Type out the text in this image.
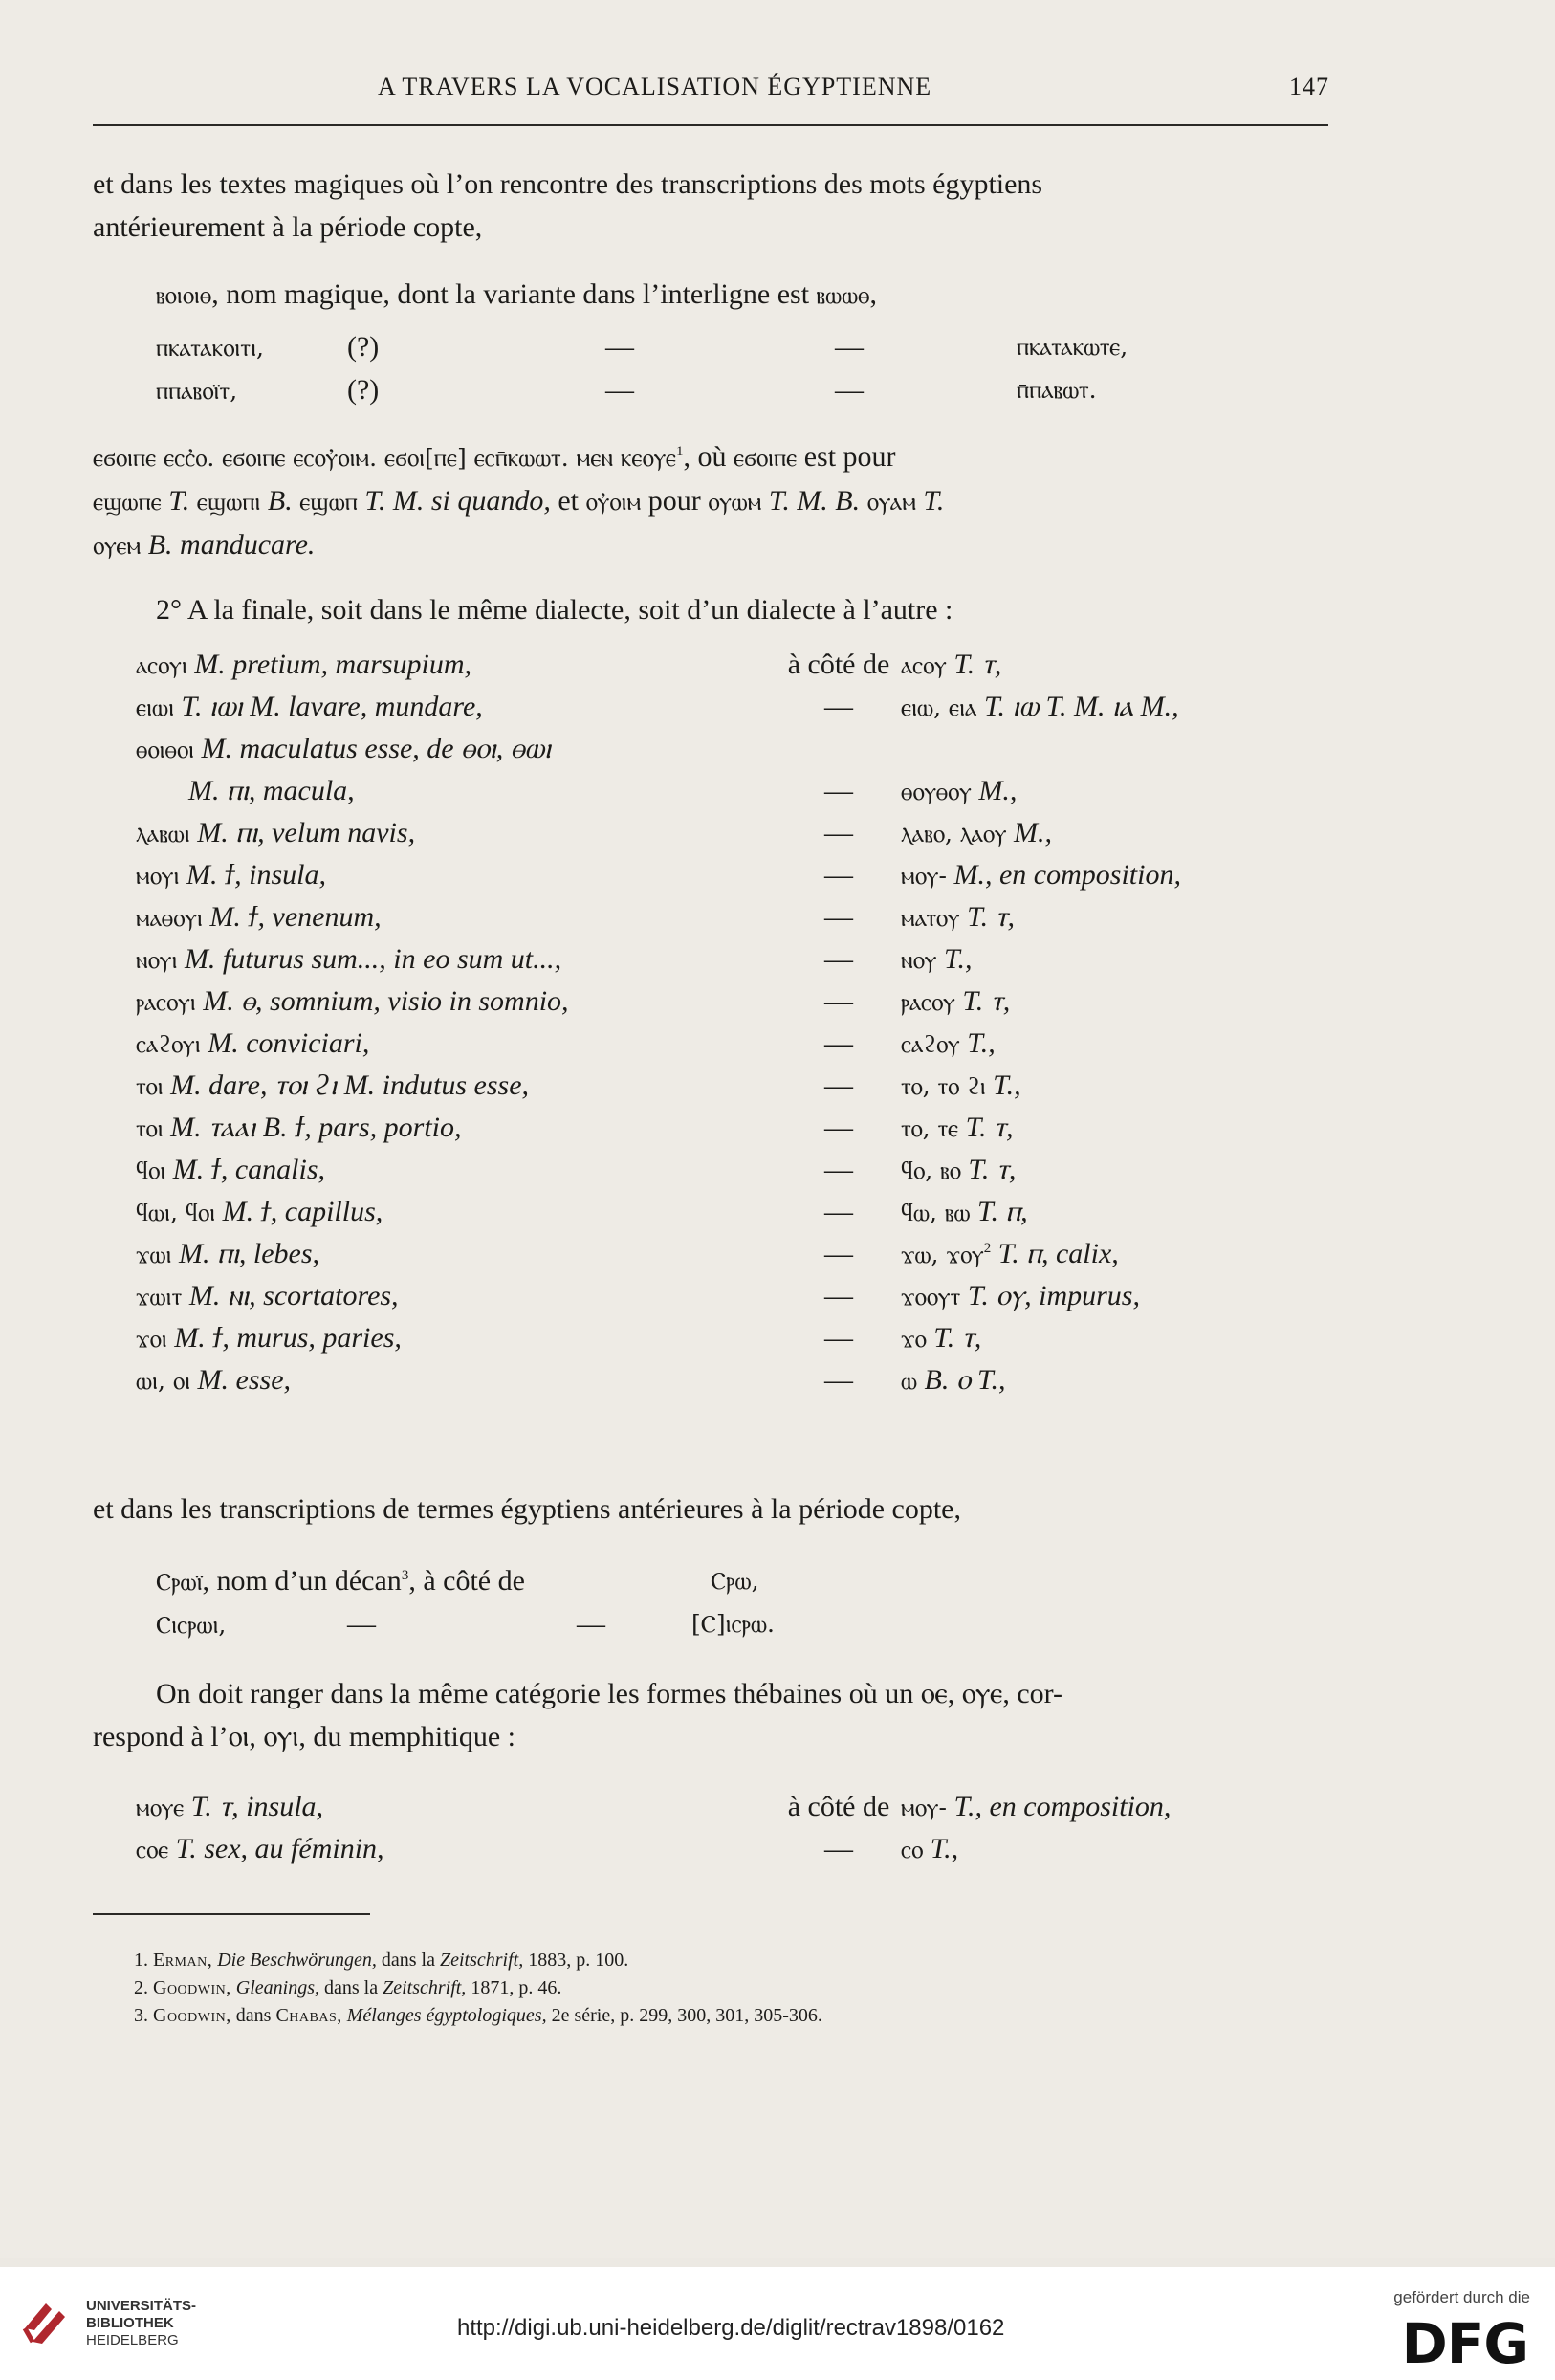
A TRAVERS LA VOCALISATION ÉGYPTIENNE	147
et dans les textes magiques où l’on rencontre des transcriptions des mots égyptiens
antérieurement à la période copte,
ⲃⲟⲓⲟⲓⲑ, nom magique, dont la variante dans l’interligne est ⲃⲱⲱⲑ,
ⲡⲕⲁⲧⲁⲕⲟⲓⲧⲓ,	(?)	—	—	ⲡⲕⲁⲧⲁⲕⲱⲧⲉ,
ⲡ̄ⲡⲁⲃⲟⲓ̈ⲧ,	(?)	—	—	ⲡ̄ⲡⲁⲃⲱⲧ.
ⲉϭⲟⲓⲡⲉ ⲉⲥⲥ̓ⲟ. ⲉϭⲟⲓⲡⲉ ⲉⲥⲟⲩ̓ⲟⲓⲙ. ⲉϭⲟⲓ[ⲡⲉ] ⲉⲥⲡ̄ⲕⲱⲱⲧ. ⲙⲉⲛ ⲕⲉⲟⲩⲉ$^1$, où ⲉϭⲟⲓⲡⲉ est pour
ⲉϣⲱⲡⲉ T. ⲉϣⲱⲡⲓ B. ⲉϣⲱⲡ T. M. si quando, et ⲟⲩ̓ⲟⲓⲙ pour ⲟⲩⲱⲙ T. M. B. ⲟⲩⲁⲙ T.
ⲟⲩⲉⲙ B. manducare.
2° A la finale, soit dans le même dialecte, soit d’un dialecte à l’autre :
ⲁⲥⲟⲩⲓ M. pretium, marsupium,	à côté de ⲁⲥⲟⲩ T. ⲧ,
ⲉⲓⲱⲓ T. ⲓⲱⲓ M. lavare, mundare,	—	ⲉⲓⲱ, ⲉⲓⲁ T. ⲓⲱ T. M. ⲓⲁ M.,
ⲑⲟⲓⲑⲟⲓ M. maculatus esse, de ⲑⲟⲓ, ⲑⲱⲓ
M. ⲡⲓ, macula,	—	ⲑⲟⲩⲑⲟⲩ M.,
ⲗⲁⲃⲱⲓ M. ⲡⲓ, velum navis,	—	ⲗⲁⲃⲟ, ⲗⲁⲟⲩ M.,
ⲙⲟⲩⲓ M. ϯ, insula,	—	ⲙⲟⲩ- M., en composition,
ⲙⲁⲑⲟⲩⲓ M. ϯ, venenum,	—	ⲙⲁⲧⲟⲩ T. ⲧ,
ⲛⲟⲩⲓ M. futurus sum..., in eo sum ut...,	—	ⲛⲟⲩ T.,
ⲣⲁⲥⲟⲩⲓ M. ⲑ, somnium, visio in somnio,	—	ⲣⲁⲥⲟⲩ T. ⲧ,
ⲥⲁϩⲟⲩⲓ M. conviciari,	—	ⲥⲁϩⲟⲩ T.,
ⲧⲟⲓ M. dare, ⲧⲟⲓ ϩⲓ M. indutus esse,	—	ⲧⲟ, ⲧⲟ ϩⲓ T.,
ⲧⲟⲓ M. ⲧⲁⲁⲓ B. ϯ, pars, portio,	—	ⲧⲟ, ⲧⲉ T. ⲧ,
ϥⲟⲓ M. ϯ, canalis,	—	ϥⲟ, ⲃⲟ T. ⲧ,
ϥⲱⲓ, ϥⲟⲓ M. ϯ, capillus,	—	ϥⲱ, ⲃⲱ T. ⲡ,
ϫⲱⲓ M. ⲡⲓ, lebes,	—	ϫⲱ, ϫⲟⲩ$^2$ T. ⲡ, calix,
ϫⲱⲓⲧ M. ⲛⲓ, scortatores,	—	ϫⲟⲟⲩⲧ T. ⲟⲩ, impurus,
ϫⲟⲓ M. ϯ, murus, paries,	—	ϫⲟ T. ⲧ,
ⲱⲓ, ⲟⲓ M. esse,	—	ⲱ B. ⲟ T.,
et dans les transcriptions de termes égyptiens antérieures à la période copte,
Ⲥⲣⲱⲓ̈, nom d’un décan$^3$, à côté de	Ⲥⲣⲱ,
Ⲥⲓⲥⲣⲱⲓ,	—	—	[Ⲥ]ⲓⲥⲣⲱ.
On doit ranger dans la même catégorie les formes thébaines où un ⲟⲉ, ⲟⲩⲉ, cor-
respond à l’ⲟⲓ, ⲟⲩⲓ, du memphitique :
ⲙⲟⲩⲉ T. ⲧ, insula,	à côté de ⲙⲟⲩ- T., en composition,
ⲥⲟⲉ T. sex, au féminin,	—	ⲥⲟ T.,
1. Erman, Die Beschwörungen, dans la Zeitschrift, 1883, p. 100.
2. Goodwin, Gleanings, dans la Zeitschrift, 1871, p. 46.
3. Goodwin, dans Chabas, Mélanges égyptologiques, 2e série, p. 299, 300, 301, 305-306.
UNIVERSITÄTS-
BIBLIOTHEK
HEIDELBERG	http://digi.ub.uni-heidelberg.de/diglit/rectrav1898/0162
gefördert durch die
DFG
